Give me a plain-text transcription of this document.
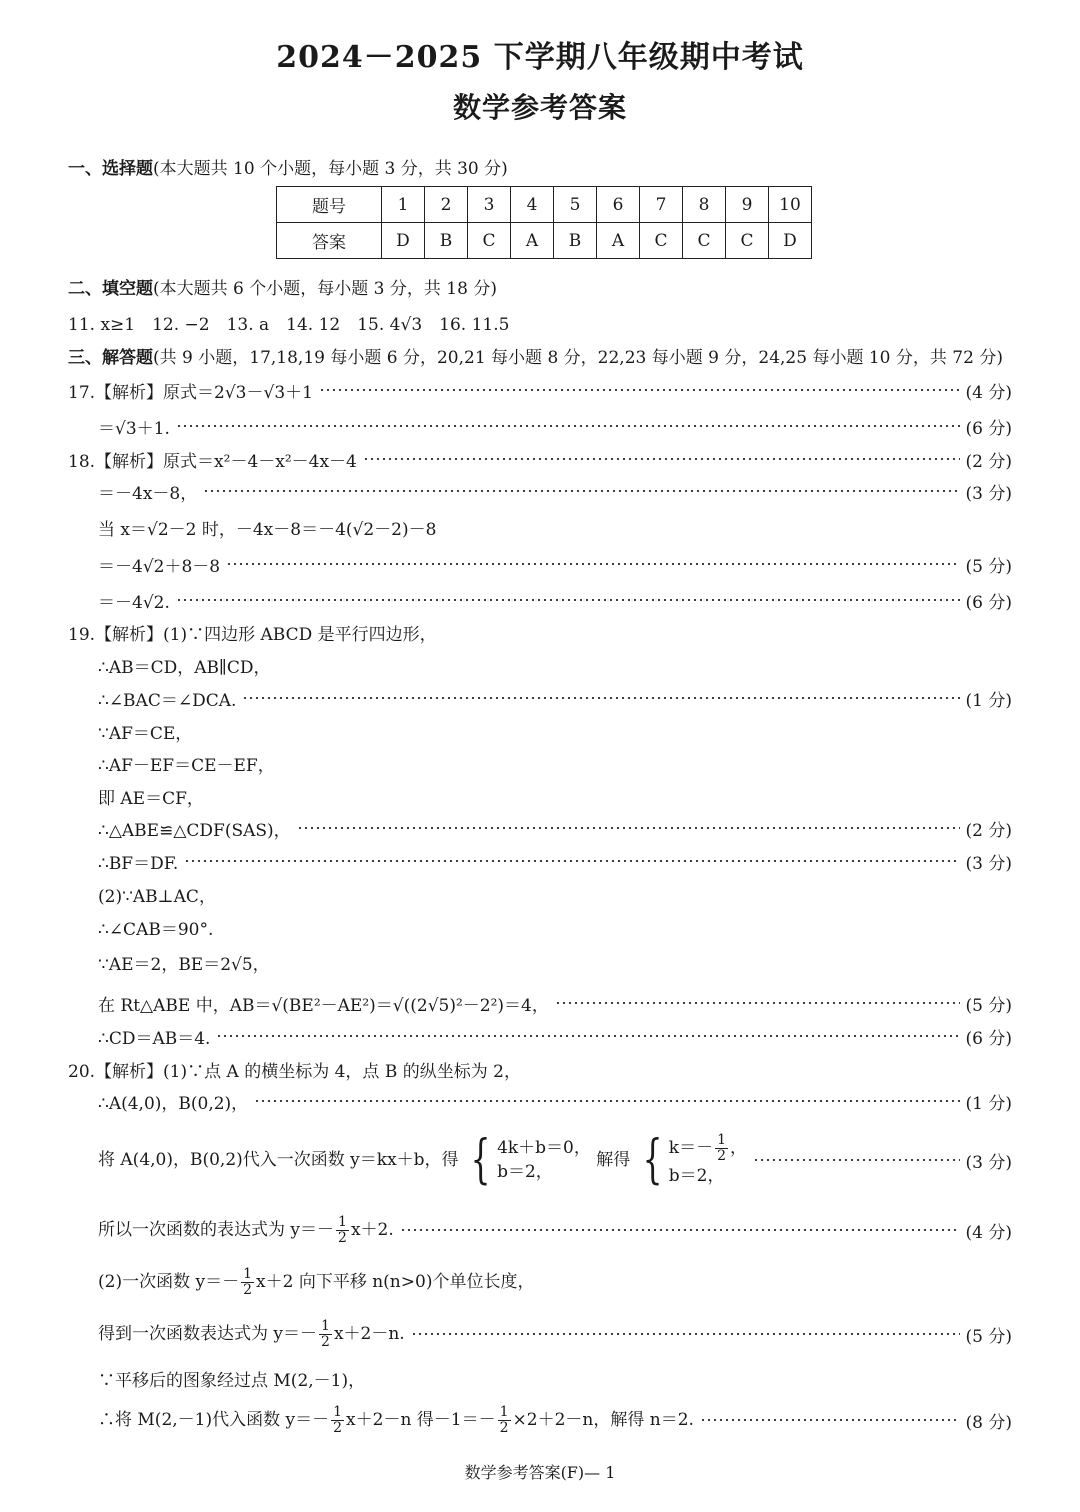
2024－2025 下学期八年级期中考试
数学参考答案
一、选择题(本大题共 10 个小题，每小题 3 分，共 30 分)
题号	1	2	3	4	5	6	7	8	9	10
答案	D	B	C	A	B	A	C	C	C	D
二、填空题(本大题共 6 个小题，每小题 3 分，共 18 分)
11. x≥1　12. −2　13. a　14. 12　15. 4√3　16. 11.5
三、解答题(共 9 小题，17,18,19 每小题 6 分，20,21 每小题 8 分，22,23 每小题 9 分，24,25 每小题 10 分，共 72 分)
17.【解析】原式＝2√3－√3＋1	(4 分)
＝√3＋1.	(6 分)
18.【解析】原式＝x²－4－x²－4x－4	(2 分)
＝－4x－8，	(3 分)
当 x＝√2－2 时，－4x－8＝－4(√2－2)－8
＝－4√2＋8－8	(5 分)
＝－4√2.	(6 分)
19.【解析】(1)∵四边形 ABCD 是平行四边形，
∴AB＝CD，AB∥CD，
∴∠BAC＝∠DCA.	(1 分)
∵AF＝CE，
∴AF－EF＝CE－EF，
即 AE＝CF，
∴△ABE≌△CDF(SAS)，	(2 分)
∴BF＝DF.	(3 分)
(2)∵AB⊥AC，
∴∠CAB＝90°.
∵AE＝2，BE＝2√5，
在 Rt△ABE 中，AB＝√(BE²－AE²)＝√((2√5)²－2²)＝4，	(5 分)
∴CD＝AB＝4.	(6 分)
20.【解析】(1)∵点 A 的横坐标为 4，点 B 的纵坐标为 2，
∴A(4,0)，B(0,2)，	(1 分)
将 A(4,0)，B(0,2)代入一次函数 y＝kx＋b，得 { 4k＋b＝0，
b＝2，
解得 { $k=- \frac{1}{2}$ ，
b＝2，
(3 分)
所以一次函数的表达式为 $y=- \frac{1}{2} x+2$.	(4 分)
(2)一次函数 $y=- \frac{1}{2} x+2$ 向下平移 n(n>0)个单位长度，
得到一次函数表达式为 $y=- \frac{1}{2} x+2-n$.	(5 分)
∵平移后的图象经过点 M(2,－1)，
∴将 M(2,－1)代入函数 $y=- \frac{1}{2} x+2-n$ 得$-1=- \frac{1}{2} \times 2+2-n$，解得 n＝2.	(8 分)
数学参考答案(F)— 1
